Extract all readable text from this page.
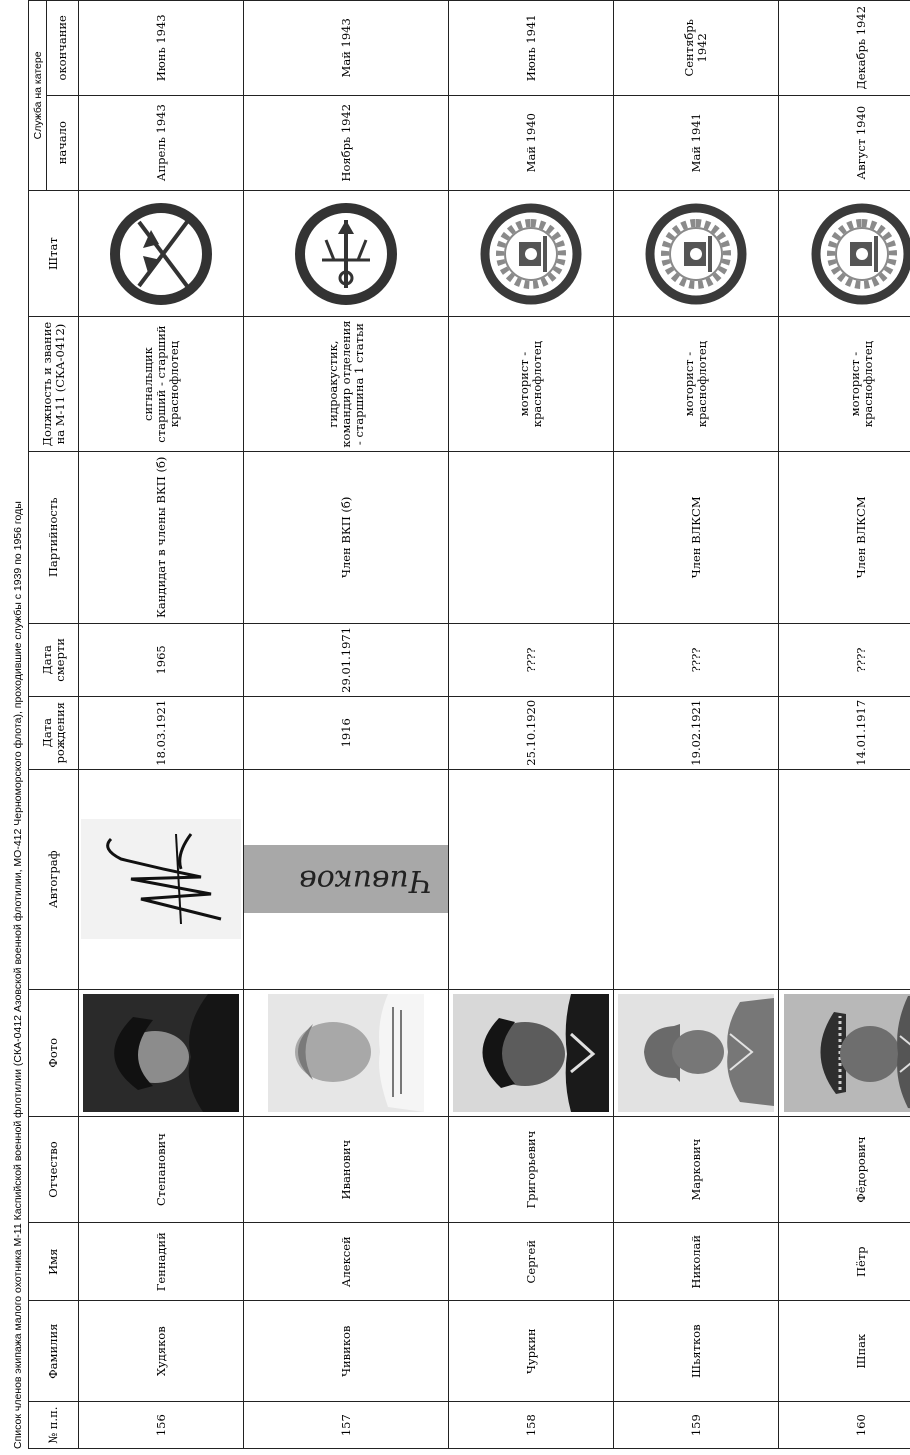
Список членов экипажа малого охотника М-11 Каспийской военной флотилии (СКА-0412 Азовской военной флотилии, МО-412 Черноморского флота), проходившие службы с 1939 по 1956 годы № п.п.	Фамилия	Имя	Отчество	Фото	Автограф	Дата рождения	Дата смерти	Партийность	Должность и звание на М-11 (СКА-0412)	Штат	Служба на катере	
											начало	окончание
156	Худяков	Геннадий	Степанович			18.03.1921	1965	Кандидат в члены ВКП (б)	сигнальщик старший - старший краснофлотец		Апрель 1943	Июнь 1943
157	Чивиков	Алексей	Иванович		Чивиков	1916	29.01.1971	Член ВКП (б)	гидроакустик, командир отделения - старшина 1 статьи		Ноябрь 1942	Май 1943
158	Чуркин	Сергей	Григорьевич			25.10.1920	????		моторист - краснофлотец		Май 1940	Июнь 1941
159	Шьятков	Николай	Маркович			19.02.1921	????	Член ВЛКСМ	моторист - краснофлотец		Май 1941	Сентябрь 1942
160	Шпак	Пётр	Фёдорович			14.01.1917	????	Член ВЛКСМ	моторист - краснофлотец		Август 1940	Декабрь 1942
